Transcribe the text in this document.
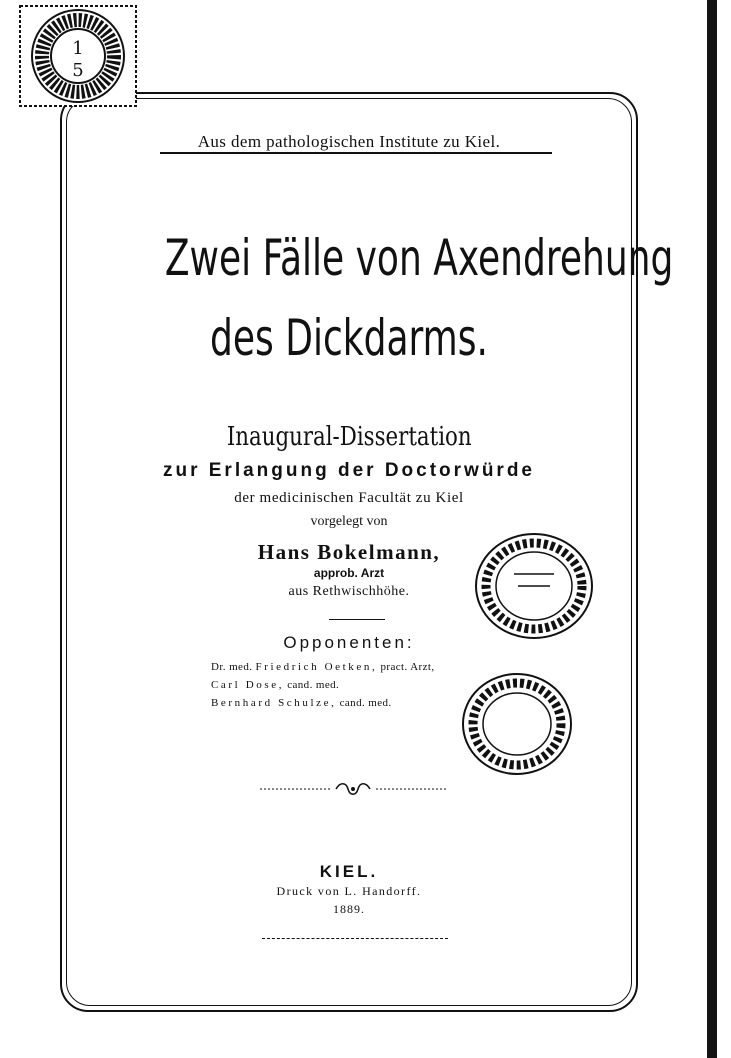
1
5
Aus dem pathologischen Institute zu Kiel.
Zwei Fälle von Axendrehung
des Dickdarms.
Inaugural-Dissertation
zur Erlangung der Doctorwürde
der medicinischen Facultät zu Kiel
vorgelegt von
Hans Bokelmann,
approb. Arzt
aus Rethwischhöhe.
Opponenten:
Dr. med. Friedrich Oetken, pract. Arzt,
Carl Dose, cand. med.
Bernhard Schulze, cand. med.
KIEL.
Druck von L. Handorff.
1889.
